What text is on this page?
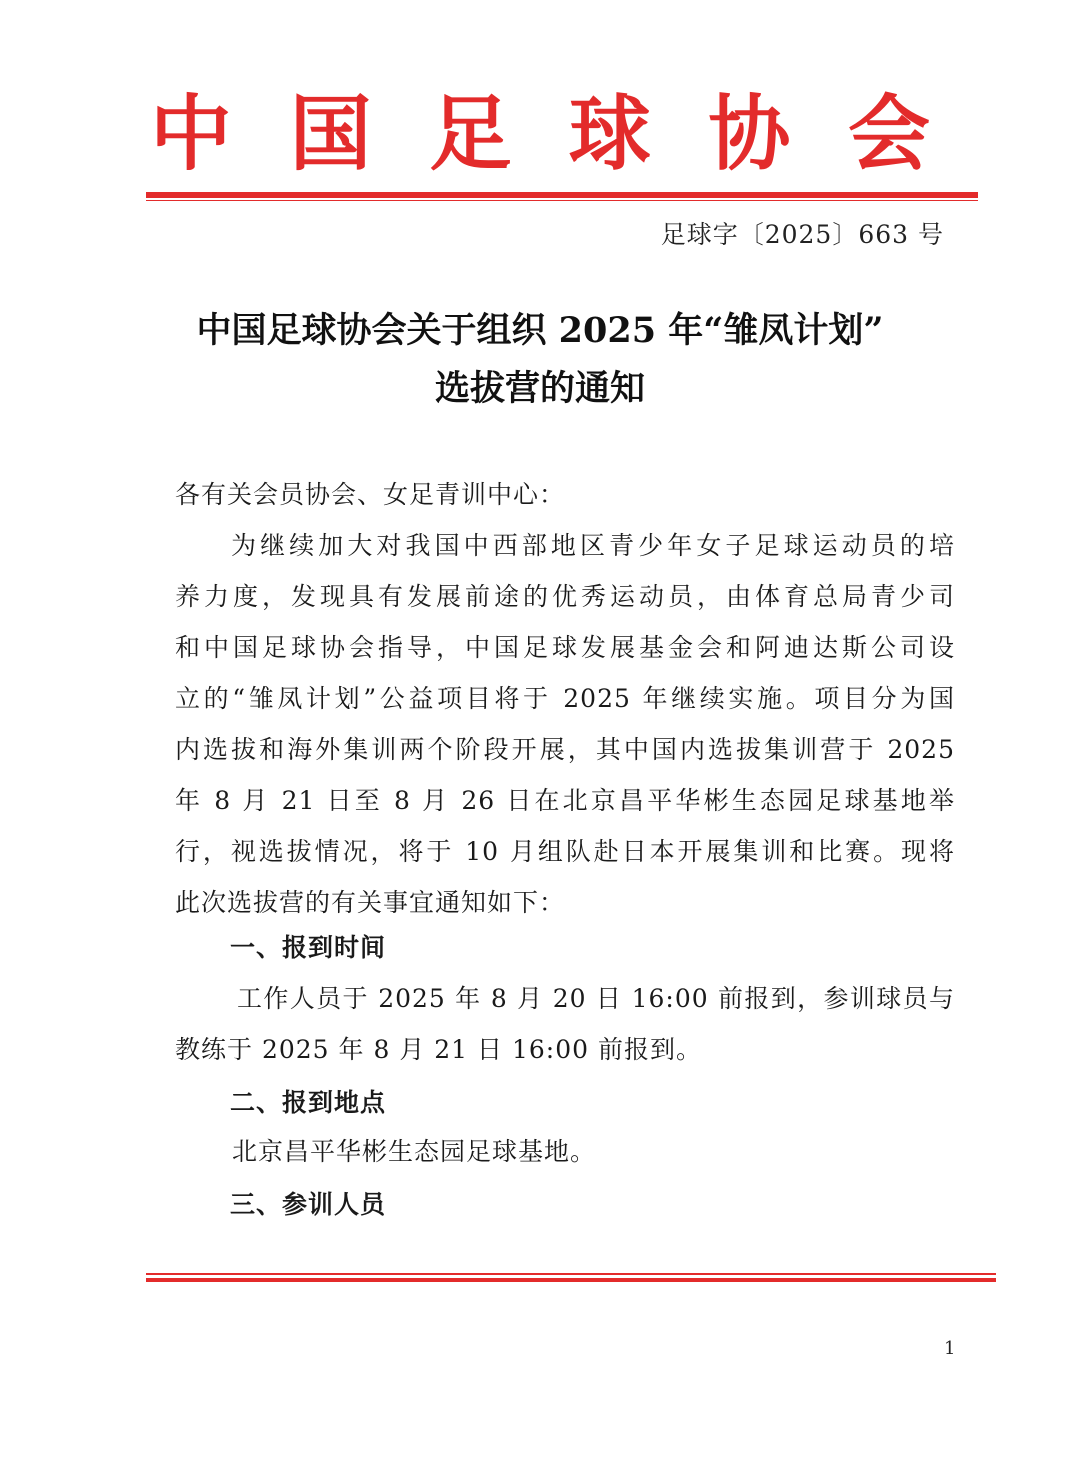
中 国 足 球 协 会
足球字〔2025〕663 号
中国足球协会关于组织 2025 年“雏凤计划”
选拔营的通知
各有关会员协会、女足青训中心：
为继续加大对我国中西部地区青少年女子足球运动员的培
养力度，发现具有发展前途的优秀运动员，由体育总局青少司
和中国足球协会指导，中国足球发展基金会和阿迪达斯公司设
立的“雏凤计划”公益项目将于 2025 年继续实施。项目分为国
内选拔和海外集训两个阶段开展，其中国内选拔集训营于 2025
年 8 月 21 日至 8 月 26 日在北京昌平华彬生态园足球基地举
行，视选拔情况，将于 10 月组队赴日本开展集训和比赛。现将
此次选拔营的有关事宜通知如下：
一、报到时间
工作人员于 2025 年 8 月 20 日 16:00 前报到，参训球员与
教练于 2025 年 8 月 21 日 16:00 前报到。
二、报到地点
北京昌平华彬生态园足球基地。
三、参训人员
1
